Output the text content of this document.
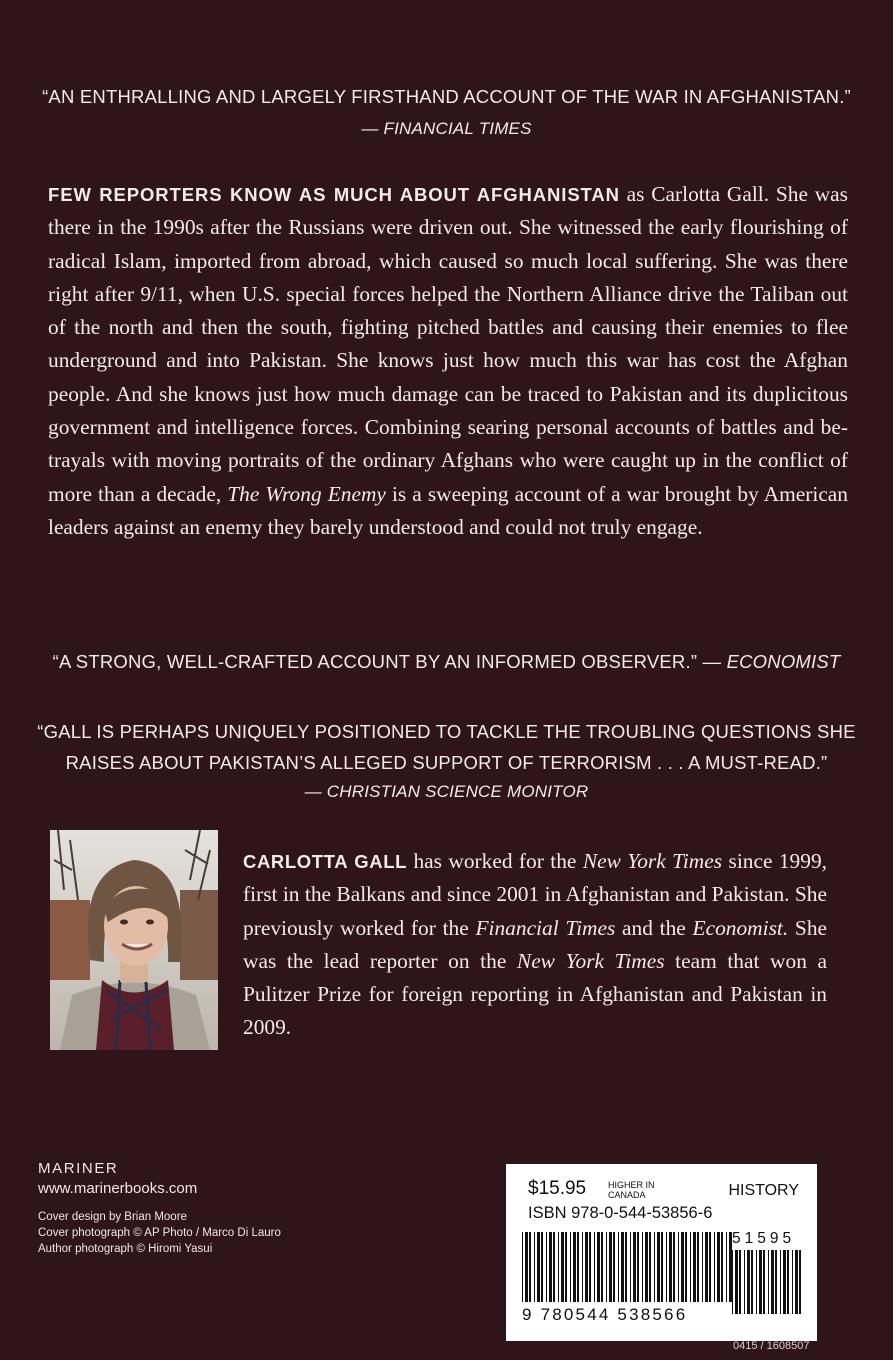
“AN ENTHRALLING AND LARGELY FIRSTHAND ACCOUNT OF THE WAR IN AFGHANISTAN.”
— FINANCIAL TIMES
FEW REPORTERS KNOW AS MUCH ABOUT AFGHANISTAN as Carlotta Gall. She was there in the 1990s after the Russians were driven out. She witnessed the early flourishing of radical Islam, imported from abroad, which caused so much local suffering. She was there right after 9/11, when U.S. special forces helped the Northern Alliance drive the Taliban out of the north and then the south, fighting pitched battles and causing their enemies to flee underground and into Pakistan. She knows just how much this war has cost the Afghan people. And she knows just how much damage can be traced to Pakistan and its duplicitous government and intelligence forces. Combining searing personal accounts of battles and betrayals with moving portraits of the ordinary Afghans who were caught up in the conflict of more than a decade, The Wrong Enemy is a sweeping account of a war brought by American leaders against an enemy they barely understood and could not truly engage.
“A STRONG, WELL-CRAFTED ACCOUNT BY AN INFORMED OBSERVER.” — ECONOMIST
“GALL IS PERHAPS UNIQUELY POSITIONED TO TACKLE THE TROUBLING QUESTIONS SHE
RAISES ABOUT PAKISTAN’S ALLEGED SUPPORT OF TERRORISM . . . A MUST-READ.”
— CHRISTIAN SCIENCE MONITOR
CARLOTTA GALL has worked for the New York Times since 1999, first in the Balkans and since 2001 in Afghanistan and Pakistan. She previously worked for the Financial Times and the Economist. She was the lead reporter on the New York Times team that won a Pulitzer Prize for foreign reporting in Afghanistan and Pakistan in 2009.
MARINER
www.marinerbooks.com
Cover design by Brian Moore
Cover photograph © AP Photo / Marco Di Lauro
Author photograph © Hiromi Yasui
$15.95 HIGHER IN
CANADA	HISTORY
ISBN 978-0-544-53856-6
51595
9 780544 538566
0415 / 1608507
